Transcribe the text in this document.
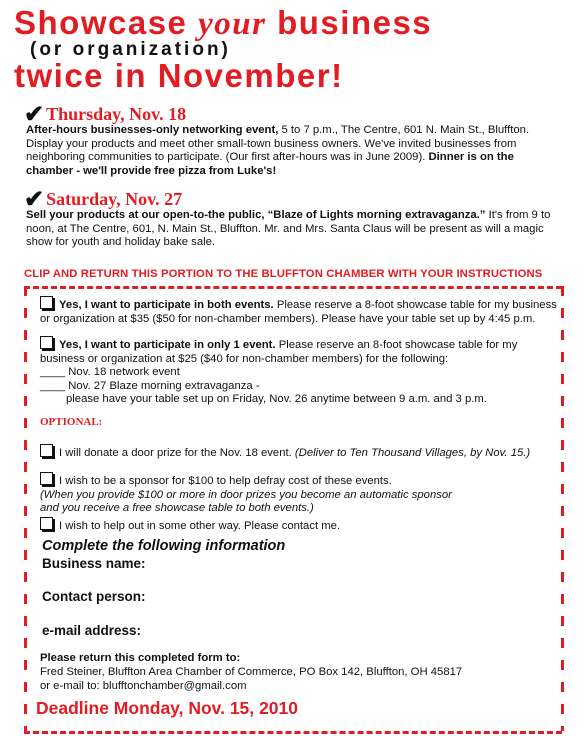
Showcase your business
(or organization)
twice in November!
✔ Thursday, Nov. 18
After-hours businesses-only networking event, 5 to 7 p.m., The Centre, 601 N. Main St., Bluffton. Display your products and meet other small-town business owners. We've invited businesses from neighboring communities to participate. (Our first after-hours was in June 2009). Dinner is on the chamber - we'll provide free pizza from Luke's!
✔ Saturday, Nov. 27
Sell your products at our open-to-the public, “Blaze of Lights morning extravaganza.” It's from 9 to noon, at The Centre, 601, N. Main St., Bluffton. Mr. and Mrs. Santa Claus will be present as will a magic show for youth and holiday bake sale.
CLIP AND RETURN THIS PORTION TO THE BLUFFTON CHAMBER WITH YOUR INSTRUCTIONS
Yes, I want to participate in both events. Please reserve a 8-foot showcase table for my business or organization at $35 ($50 for non-chamber members). Please have your table set up by 4:45 p.m.
Yes, I want to participate in only 1 event. Please reserve an 8-foot showcase table for my business or organization at $25 ($40 for non-chamber members) for the following:
____ Nov. 18 network event
____ Nov. 27 Blaze morning extravaganza -
please have your table set up on Friday, Nov. 26 anytime between 9 a.m. and 3 p.m.
OPTIONAL:
I will donate a door prize for the Nov. 18 event. (Deliver to Ten Thousand Villages, by Nov. 15.)
I wish to be a sponsor for $100 to help defray cost of these events.
(When you provide $100 or more in door prizes you become an automatic sponsor
and you receive a free showcase table to both events.)
I wish to help out in some other way. Please contact me.
Complete the following information
Business name:
Contact person:
e-mail address:
Please return this completed form to:
Fred Steiner, Bluffton Area Chamber of Commerce, PO Box 142, Bluffton, OH 45817
or e-mail to: blufftonchamber@gmail.com
Deadline Monday, Nov. 15, 2010
